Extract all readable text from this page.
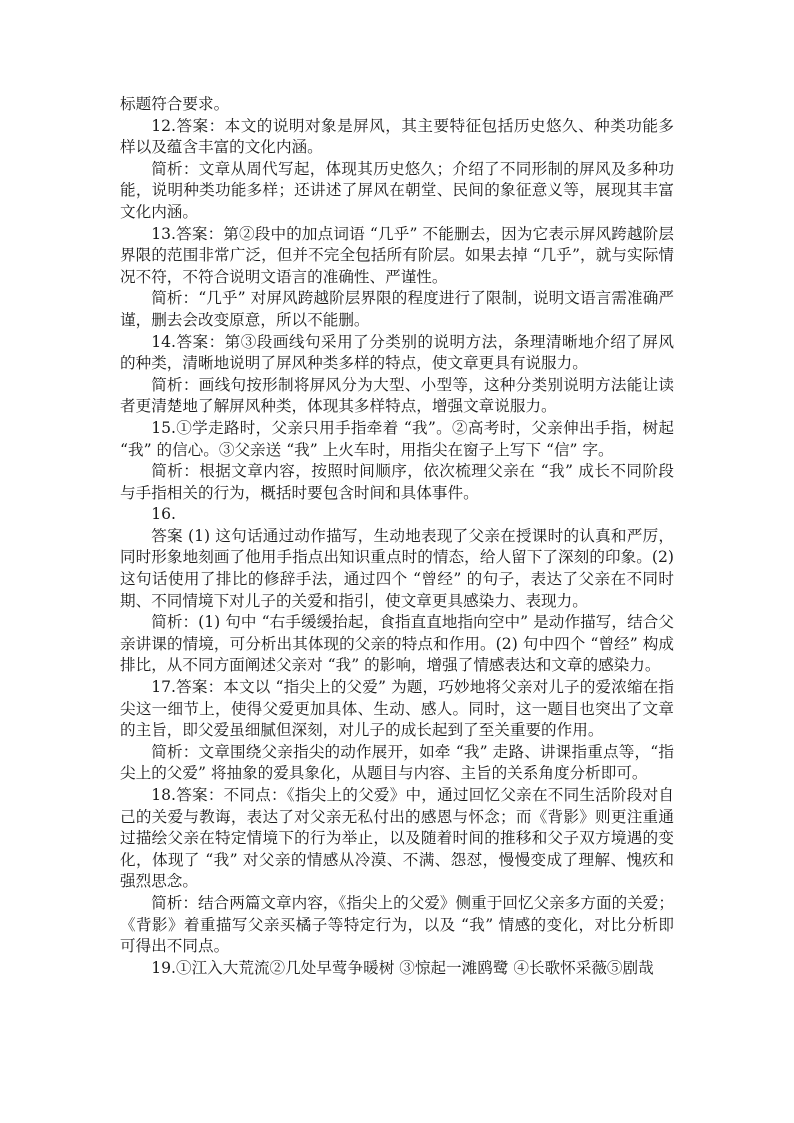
标题符合要求。

12.答案：本文的说明对象是屏风，其主要特征包括历史悠久、种类功能多样以及蕴含丰富的文化内涵。

简析：文章从周代写起，体现其历史悠久；介绍了不同形制的屏风及多种功能，说明种类功能多样；还讲述了屏风在朝堂、民间的象征意义等，展现其丰富文化内涵。

13.答案：第②段中的加点词语 “几乎” 不能删去，因为它表示屏风跨越阶层界限的范围非常广泛，但并不完全包括所有阶层。如果去掉 “几乎”，就与实际情况不符，不符合说明文语言的准确性、严谨性。

简析：“几乎” 对屏风跨越阶层界限的程度进行了限制，说明文语言需准确严谨，删去会改变原意，所以不能删。

14.答案：第③段画线句采用了分类别的说明方法，条理清晰地介绍了屏风的种类，清晰地说明了屏风种类多样的特点，使文章更具有说服力。

简析：画线句按形制将屏风分为大型、小型等，这种分类别说明方法能让读者更清楚地了解屏风种类，体现其多样特点，增强文章说服力。

15.①学走路时，父亲只用手指牵着 “我”。②高考时，父亲伸出手指，树起 “我” 的信心。③父亲送 “我” 上火车时，用指尖在窗子上写下 “信” 字。

简析：根据文章内容，按照时间顺序，依次梳理父亲在 “我” 成长不同阶段与手指相关的行为，概括时要包含时间和具体事件。

16.

答案 (1) 这句话通过动作描写，生动地表现了父亲在授课时的认真和严厉，同时形象地刻画了他用手指点出知识重点时的情态，给人留下了深刻的印象。(2) 这句话使用了排比的修辞手法，通过四个 “曾经” 的句子，表达了父亲在不同时期、不同情境下对儿子的关爱和指引，使文章更具感染力、表现力。

简析：(1) 句中 “右手缓缓抬起，食指直直地指向空中” 是动作描写，结合父亲讲课的情境，可分析出其体现的父亲的特点和作用。(2) 句中四个 “曾经” 构成排比，从不同方面阐述父亲对 “我” 的影响，增强了情感表达和文章的感染力。

17.答案：本文以 “指尖上的父爱” 为题，巧妙地将父亲对儿子的爱浓缩在指尖这一细节上，使得父爱更加具体、生动、感人。同时，这一题目也突出了文章的主旨，即父爱虽细腻但深刻，对儿子的成长起到了至关重要的作用。

简析：文章围绕父亲指尖的动作展开，如牵 “我” 走路、讲课指重点等，“指尖上的父爱” 将抽象的爱具象化，从题目与内容、主旨的关系角度分析即可。

18.答案：不同点：《指尖上的父爱》中，通过回忆父亲在不同生活阶段对自己的关爱与教诲，表达了对父亲无私付出的感恩与怀念；而《背影》则更注重通过描绘父亲在特定情境下的行为举止，以及随着时间的推移和父子双方境遇的变化，体现了 “我” 对父亲的情感从冷漠、不满、怨怼，慢慢变成了理解、愧疚和强烈思念。

简析：结合两篇文章内容，《指尖上的父爱》侧重于回忆父亲多方面的关爱；《背影》着重描写父亲买橘子等特定行为，以及 “我” 情感的变化，对比分析即可得出不同点。

19.①江入大荒流②几处早莺争暖树 ③惊起一滩鸥鹭 ④长歌怀采薇⑤剧哉
